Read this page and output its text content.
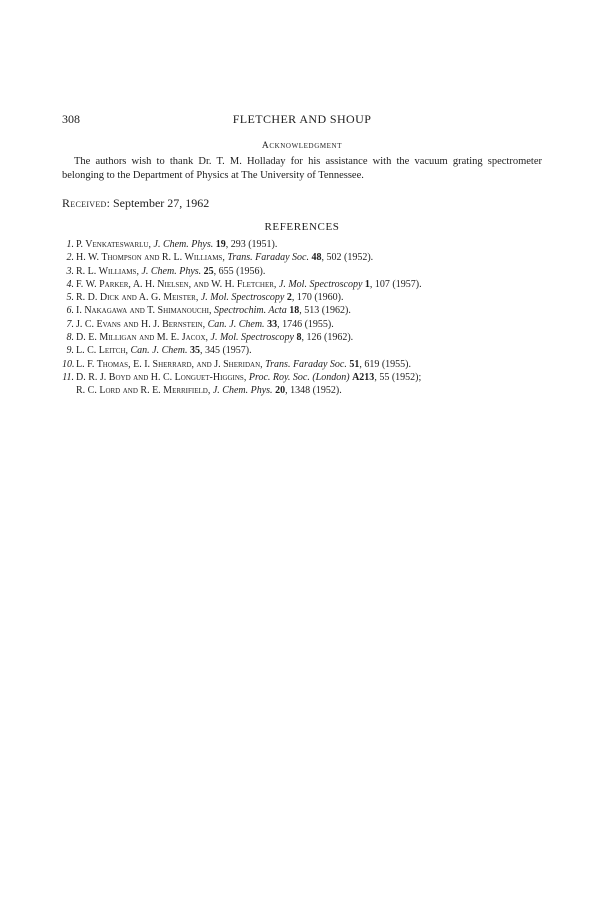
308	FLETCHER AND SHOUP
Acknowledgment
The authors wish to thank Dr. T. M. Holladay for his assistance with the vacuum grating spectrometer belonging to the Department of Physics at The University of Tennessee.
Received: September 27, 1962
REFERENCES
1 . P. Venkateswarlu, J. Chem. Phys. 19, 293 (1951).
2 . H. W. Thompson and R. L. Williams, Trans. Faraday Soc. 48, 502 (1952).
3 . R. L. Williams, J. Chem. Phys. 25, 655 (1956).
4 . F. W. Parker, A. H. Nielsen, and W. H. Fletcher, J. Mol. Spectroscopy 1, 107 (1957).
5 . R. D. Dick and A. G. Meister, J. Mol. Spectroscopy 2, 170 (1960).
6 . I. Nakagawa and T. Shimanouchi, Spectrochim. Acta 18, 513 (1962).
7 . J. C. Evans and H. J. Bernstein, Can. J. Chem. 33, 1746 (1955).
8 . D. E. Milligan and M. E. Jacox, J. Mol. Spectroscopy 8, 126 (1962).
9 . L. C. Leitch, Can. J. Chem. 35, 345 (1957).
10 . L. F. Thomas, E. I. Sherrard, and J. Sheridan, Trans. Faraday Soc. 51, 619 (1955).
11 . D. R. J. Boyd and H. C. Longuet-Higgins, Proc. Roy. Soc. (London) A213, 55 (1952);
R. C. Lord and R. E. Merrifield, J. Chem. Phys. 20, 1348 (1952).
